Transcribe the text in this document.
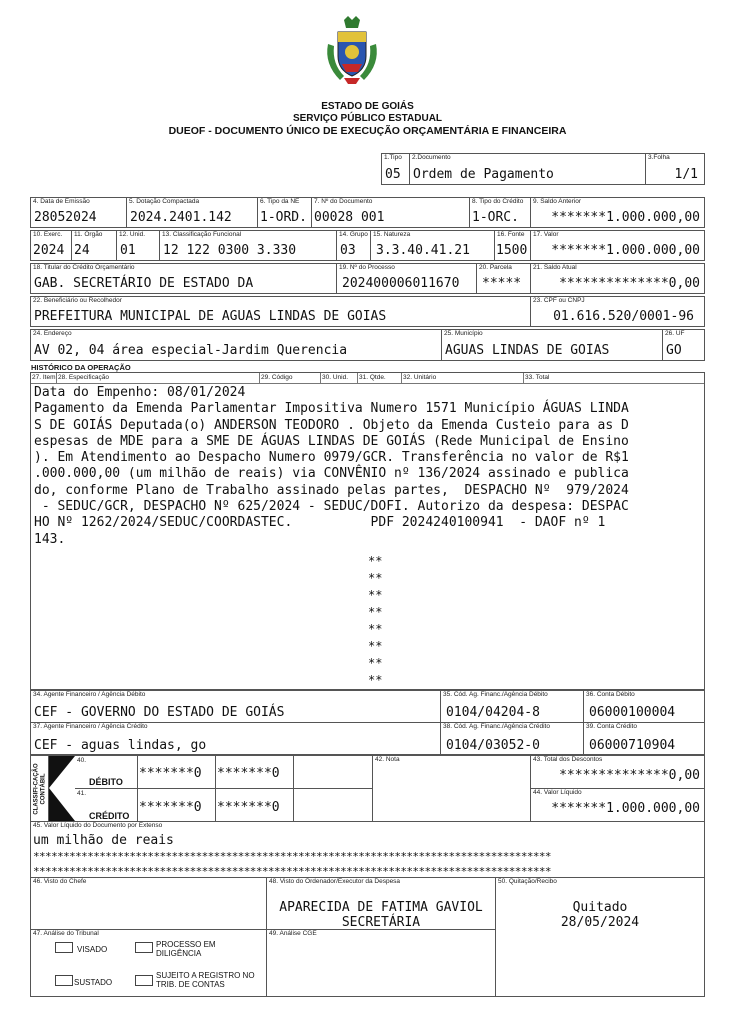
ESTADO DE GOIÁS
SERVIÇO PÚBLICO ESTADUAL
DUEOF - DOCUMENTO ÚNICO DE EXECUÇÃO ORÇAMENTÁRIA E FINANCEIRA
1.Tipo
05
2.Documento
Ordem de Pagamento
3.Folha
1/1
4. Data de Emissão
28052024
5. Dotação Compactada
2024.2401.142
6. Tipo da NE
1-ORD.
7. Nº do Documento
00028 001
8. Tipo do Crédito
1-ORC.
9. Saldo Anterior
*******1.000.000,00
10. Exerc.
2024
11. Órgão
24
12. Unid.
01
13. Classificação Funcional
12 122 0300 3.330
14. Grupo
03
15. Natureza
3.3.40.41.21
16. Fonte
1500
17. Valor
*******1.000.000,00
18. Titular do Crédito Orçamentário
GAB. SECRETÁRIO DE ESTADO DA
19. Nº do Processo
202400006011670
20. Parcela
*****
21. Saldo Atual
**************0,00
22. Beneficiário ou Recolhedor
PREFEITURA MUNICIPAL DE AGUAS LINDAS DE GOIAS
23. CPF ou CNPJ
01.616.520/0001-96
24. Endereço
AV 02, 04 área especial-Jardim Querencia
25. Município
AGUAS LINDAS DE GOIAS
26. UF
GO
HISTÓRICO DA OPERAÇÃO
27. Item 28. Especificação	29. Código	30. Unid. 31. Qtde.	32. Unitário	33. Total
Data do Empenho: 08/01/2024
Pagamento da Emenda Parlamentar Impositiva Numero 1571 Município ÁGUAS LINDA
S DE GOIÁS Deputada(o) ANDERSON TEODORO . Objeto da Emenda Custeio para as D
espesas de MDE para a SME DE ÁGUAS LINDAS DE GOIÁS (Rede Municipal de Ensino
). Em Atendimento ao Despacho Numero 0979/GCR. Transferência no valor de R$1
.000.000,00 (um milhão de reais) via CONVÊNIO nº 136/2024 assinado e publica
do, conforme Plano de Trabalho assinado pelas partes,  DESPACHO Nº  979/2024
- SEDUC/GCR, DESPACHO Nº 625/2024 - SEDUC/DOFI. Autorizo da despesa: DESPAC
HO Nº 1262/2024/SEDUC/COORDASTEC.          PDF 2024240100941  - DAOF nº 1
143.
**
**
**
**
**
**
**
**
34. Agente Financeiro / Agência Débito
CEF - GOVERNO DO ESTADO DE GOIÁS
35. Cód. Ag. Financ./Agência Débito
0104/04204-8
36. Conta Débito
06000100004
37. Agente Financeiro / Agência Crédito
CEF - aguas lindas, go
38. Cód. Ag. Financ./Agência Crédito
0104/03052-0
39. Conta Crédito
06000710904
CLASSIFI-CAÇÃO CONTÁBIL
40.
DÉBITO
41.
CRÉDITO
*******0 *******0
*******0 *******0
42. Nota	43. Total dos Descontos
**************0,00
44. Valor Líquido
*******1.000.000,00
45. Valor Líquido do Documento por Extenso
um milhão de reais
**************************************************************************************
**************************************************************************************
46. Visto do Chefe	48. Visto do Ordenador/Executor da Despesa
APARECIDA DE FATIMA GAVIOL
SECRETÁRIA
50. Quitação/Recibo
Quitado
28/05/2024
47. Análise do Tribunal
VISADO
PROCESSO EM DILIGÊNCIA
SUSTADO
SUJEITO A REGISTRO NO TRIB. DE CONTAS
49. Análise CGE
